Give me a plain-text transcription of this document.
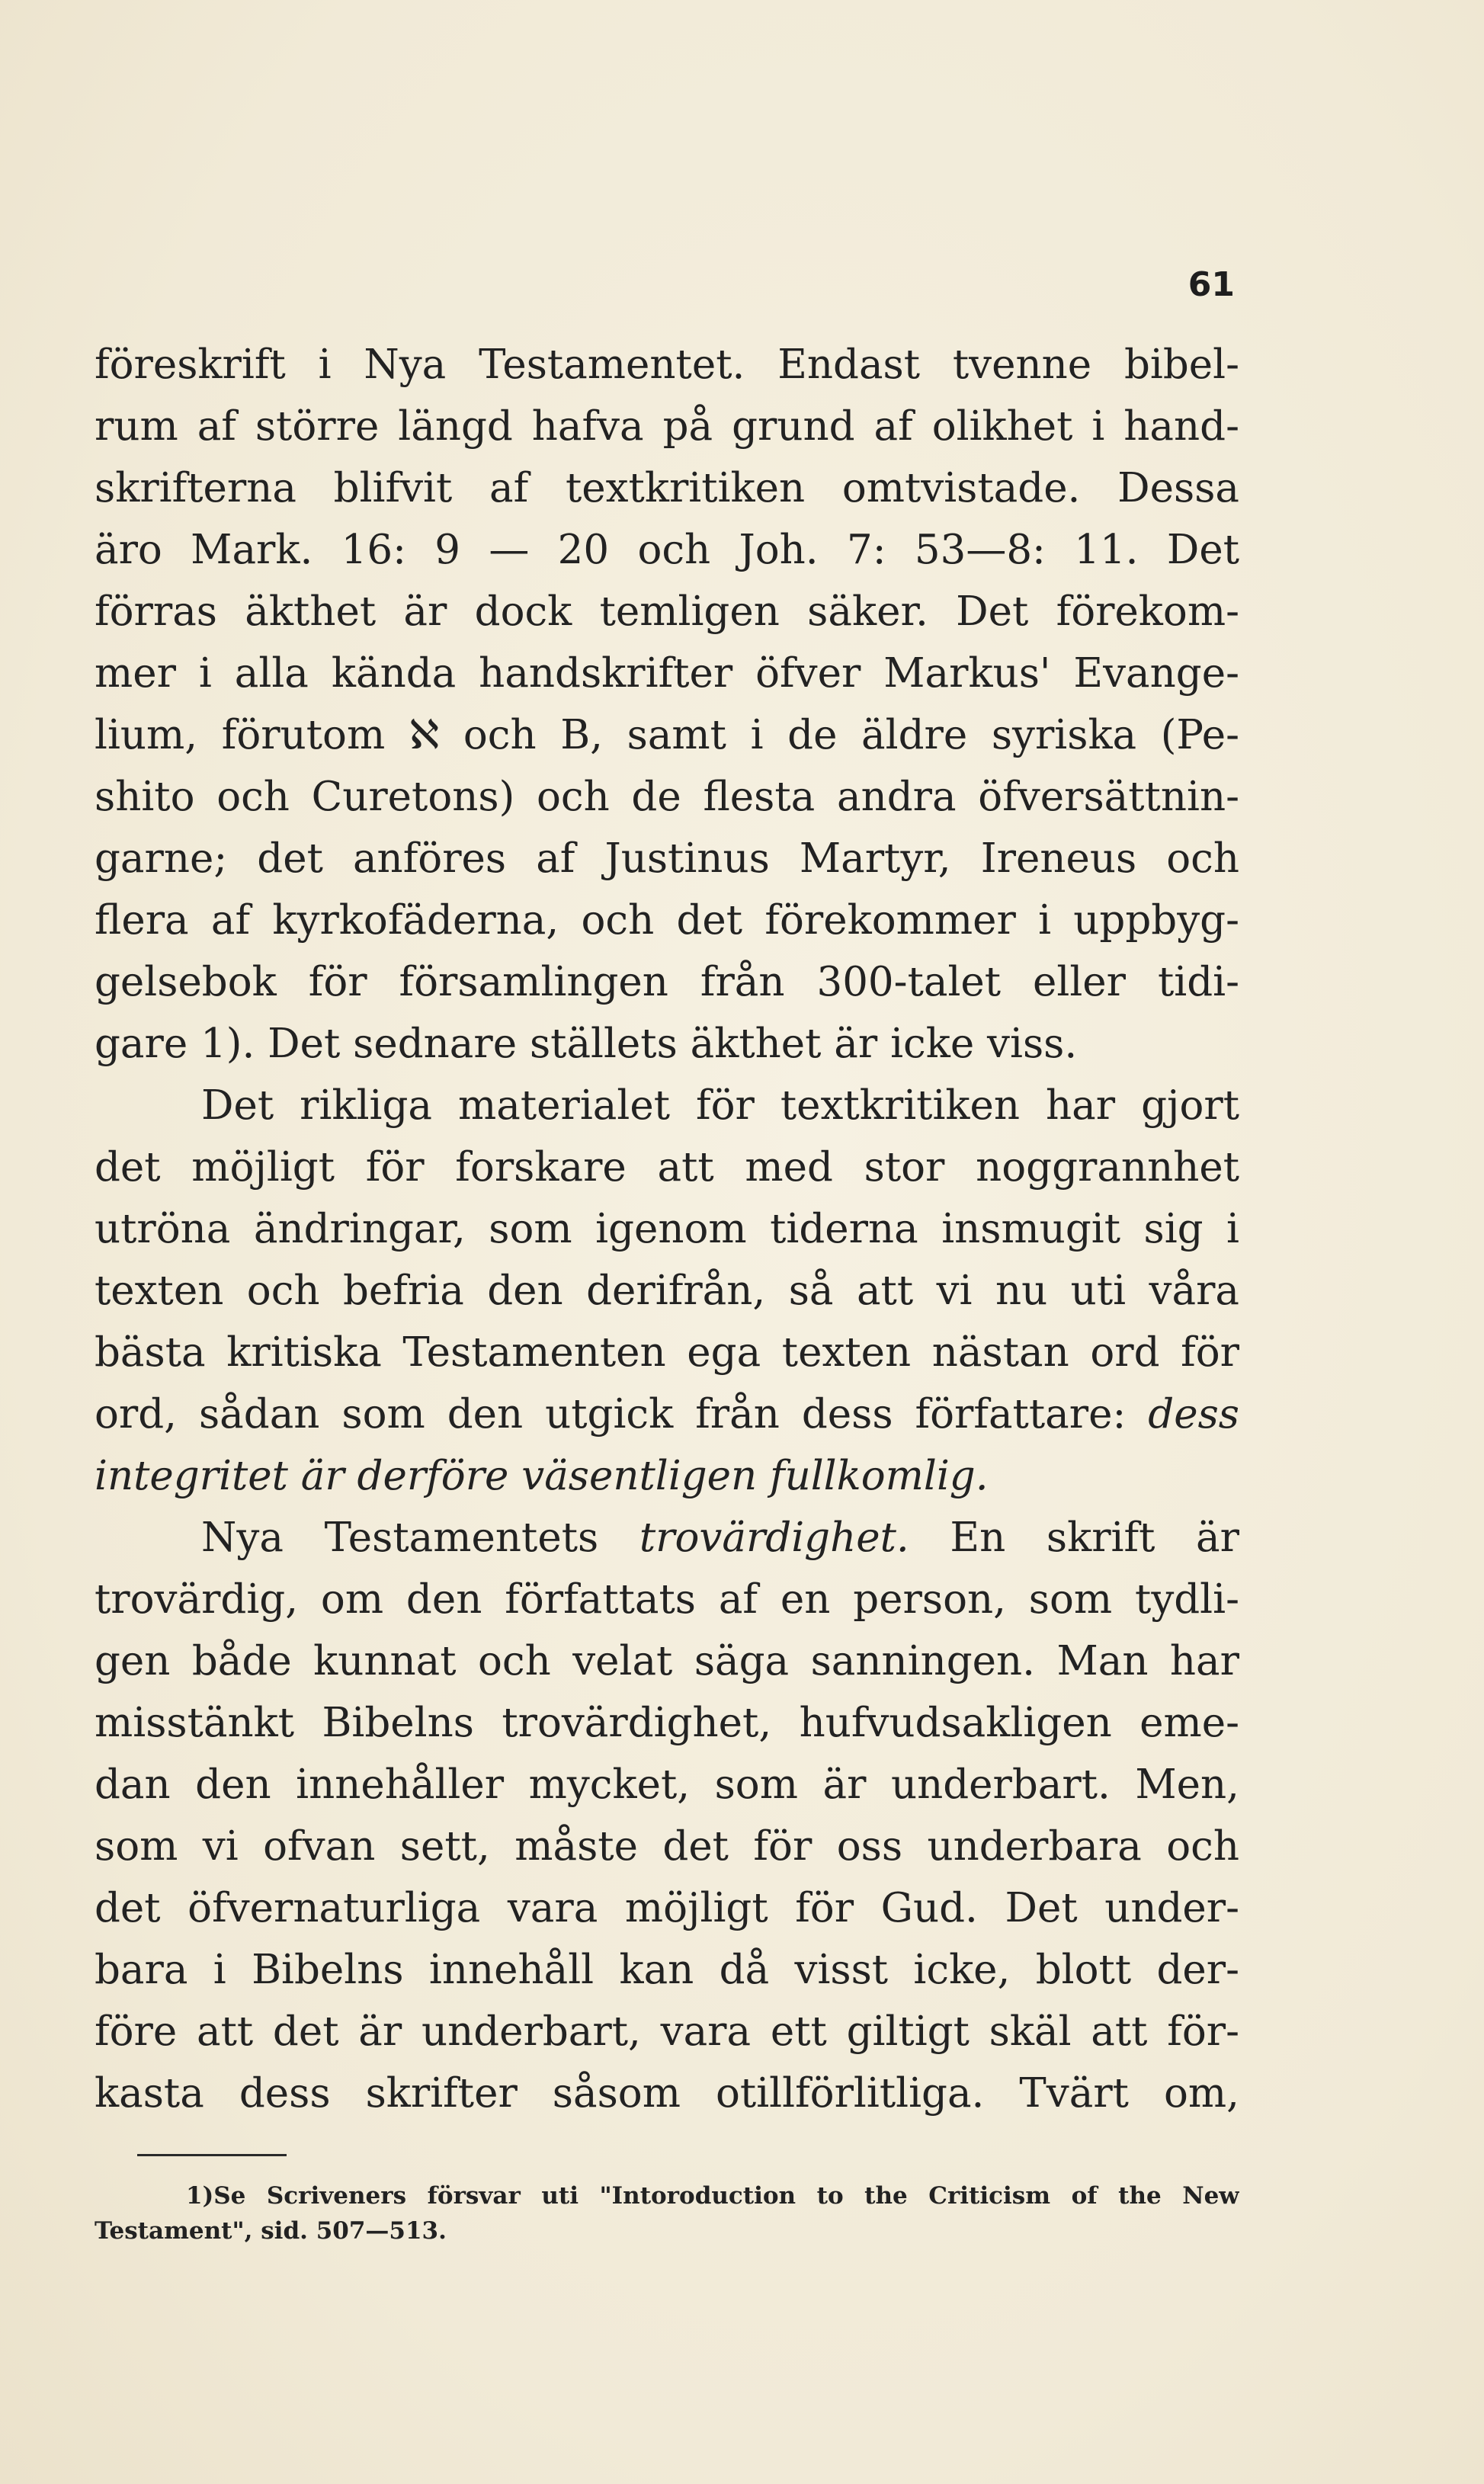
61
föreskrift i Nya Testamentet. Endast tvenne bibel-
rum af större längd hafva på grund af olikhet i hand-
skrifterna blifvit af textkritiken omtvistade. Dessa
äro Mark. 16: 9 — 20 och Joh. 7: 53—8: 11. Det
förras äkthet är dock temligen säker. Det förekom-
mer i alla kända handskrifter öfver Markus' Evange-
lium, förutom ℵ och B, samt i de äldre syriska (Pe-
shito och Curetons) och de flesta andra öfversättnin-
garne; det anföres af Justinus Martyr, Ireneus och
flera af kyrkofäderna, och det förekommer i uppbyg-
gelsebok för församlingen från 300-talet eller tidi-
gare 1). Det sednare ställets äkthet är icke viss.
Det rikliga materialet för textkritiken har gjort
det möjligt för forskare att med stor noggrannhet
utröna ändringar, som igenom tiderna insmugit sig i
texten och befria den derifrån, så att vi nu uti våra
bästa kritiska Testamenten ega texten nästan ord för
ord, sådan som den utgick från dess författare: dess
integritet är derföre väsentligen fullkomlig.
Nya Testamentets trovärdighet. En skrift är
trovärdig, om den författats af en person, som tydli-
gen både kunnat och velat säga sanningen. Man har
misstänkt Bibelns trovärdighet, hufvudsakligen eme-
dan den innehåller mycket, som är underbart. Men,
som vi ofvan sett, måste det för oss underbara och
det öfvernaturliga vara möjligt för Gud. Det under-
bara i Bibelns innehåll kan då visst icke, blott der-
före att det är underbart, vara ett giltigt skäl att för-
kasta dess skrifter såsom otillförlitliga. Tvärt om,
1)Se Scriveners försvar uti "Intoroduction to the Criticism of the New
Testament", sid. 507—513.
